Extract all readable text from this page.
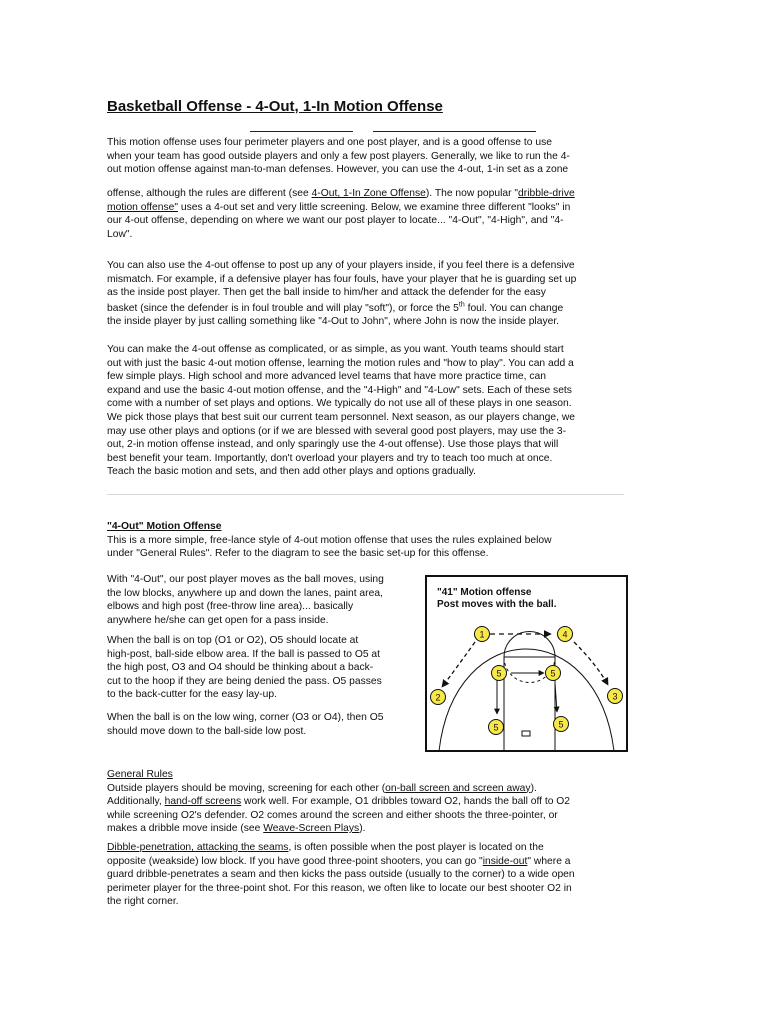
Basketball Offense - 4-Out, 1-In Motion Offense

This motion offense uses four perimeter players and one post player, and is a good offense to use
when your team has good outside players and only a few post players. Generally, we like to run the 4-
out motion offense against man-to-man defenses. However, you can use the 4-out, 1-in set as a zone

offense, although the rules are different (see 4-Out, 1-In Zone Offense). The now popular "dribble-drive
motion offense" uses a 4-out set and very little screening. Below, we examine three different "looks" in
our 4-out offense, depending on where we want our post player to locate... "4-Out", "4-High", and "4-
Low".

You can also use the 4-out offense to post up any of your players inside, if you feel there is a defensive
mismatch. For example, if a defensive player has four fouls, have your player that he is guarding set up
as the inside post player. Then get the ball inside to him/her and attack the defender for the easy
basket (since the defender is in foul trouble and will play "soft"), or force the 5th foul. You can change
the inside player by just calling something like "4-Out to John", where John is now the inside player.

You can make the 4-out offense as complicated, or as simple, as you want. Youth teams should start
out with just the basic 4-out motion offense, learning the motion rules and "how to play". You can add a
few simple plays. High school and more advanced level teams that have more practice time, can
expand and use the basic 4-out motion offense, and the "4-High" and "4-Low" sets. Each of these sets
come with a number of set plays and options. We typically do not use all of these plays in one season.
We pick those plays that best suit our current team personnel. Next season, as our players change, we
may use other plays and options (or if we are blessed with several good post players, may use the 3-
out, 2-in motion offense instead, and only sparingly use the 4-out offense). Use those plays that will
best benefit your team. Importantly, don't overload your players and try to teach too much at once.
Teach the basic motion and sets, and then add other plays and options gradually.

"4-Out" Motion Offense
This is a more simple, free-lance style of 4-out motion offense that uses the rules explained below
under "General Rules". Refer to the diagram to see the basic set-up for this offense.

With "4-Out", our post player moves as the ball moves, using
the low blocks, anywhere up and down the lanes, paint area,
elbows and high post (free-throw line area)... basically
anywhere he/she can get open for a pass inside.

When the ball is on top (O1 or O2), O5 should locate at
high-post, ball-side elbow area. If the ball is passed to O5 at
the high post, O3 and O4 should be thinking about a back-
cut to the hoop if they are being denied the pass. O5 passes
to the back-cutter for the easy lay-up.

When the ball is on the low wing, corner (O3 or O4), then O5
should move down to the ball-side low post.

"41" Motion offense
Post moves with the ball.
1	4
2	3
5	5
5	5

General Rules
Outside players should be moving, screening for each other (on-ball screen and screen away).
Additionally, hand-off screens work well. For example, O1 dribbles toward O2, hands the ball off to O2
while screening O2's defender. O2 comes around the screen and either shoots the three-pointer, or
makes a dribble move inside (see Weave-Screen Plays).

Dibble-penetration, attacking the seams, is often possible when the post player is located on the
opposite (weakside) low block. If you have good three-point shooters, you can go "inside-out" where a
guard dribble-penetrates a seam and then kicks the pass outside (usually to the corner) to a wide open
perimeter player for the three-point shot. For this reason, we often like to locate our best shooter O2 in
the right corner.
